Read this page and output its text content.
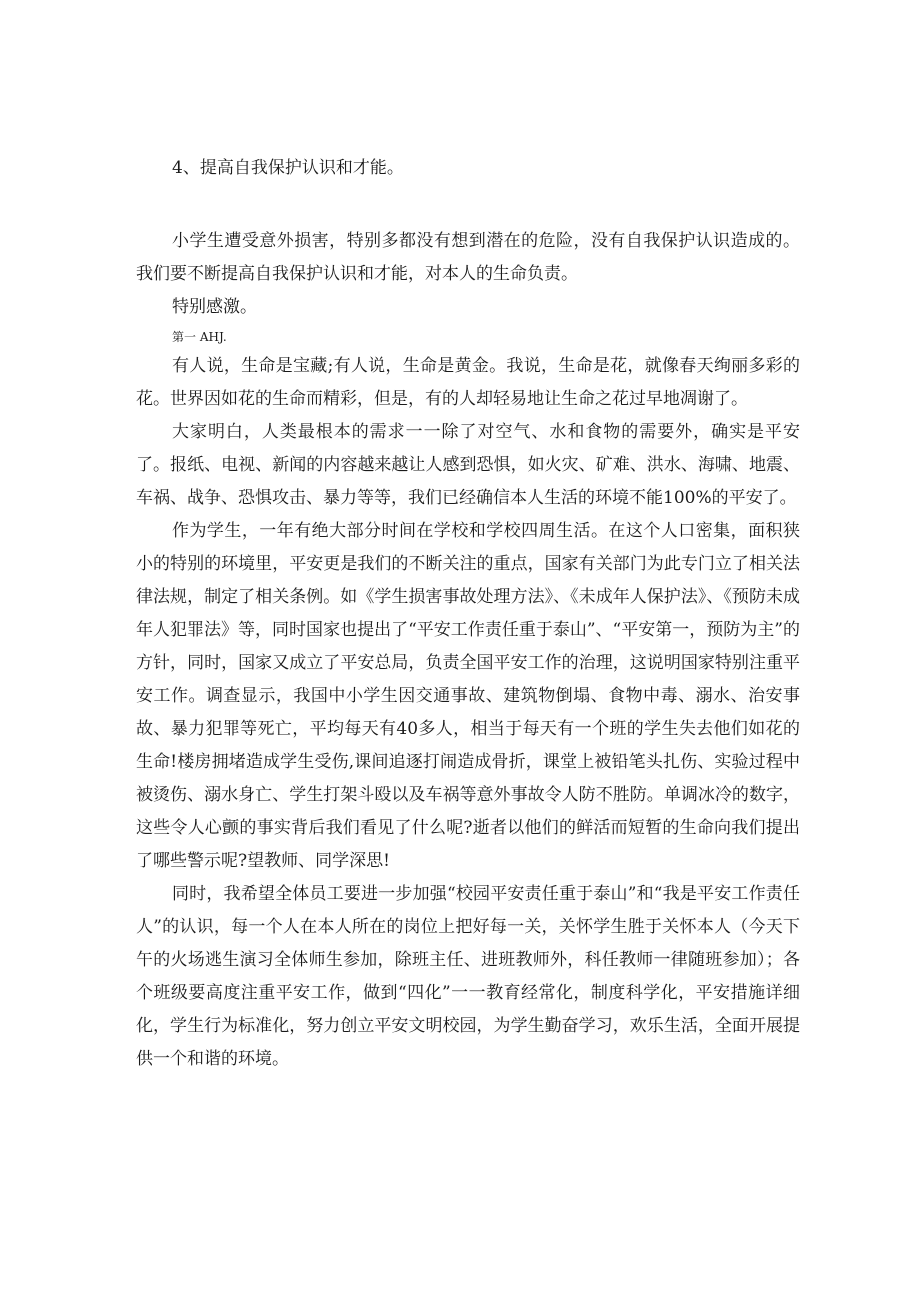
4、提高自我保护认识和才能。

小学生遭受意外损害，特别多都没有想到潜在的危险，没有自我保护认识造成的。我们要不断提高自我保护认识和才能，对本人的生命负责。

特别感激。

第一 AHJ.

有人说，生命是宝藏;有人说，生命是黄金。我说，生命是花，就像春天绚丽多彩的花。世界因如花的生命而精彩，但是，有的人却轻易地让生命之花过早地凋谢了。

大家明白，人类最根本的需求一一除了对空气、水和食物的需要外，确实是平安了。报纸、电视、新闻的内容越来越让人感到恐惧，如火灾、矿难、洪水、海啸、地震、车祸、战争、恐惧攻击、暴力等等，我们已经确信本人生活的环境不能100%的平安了。

作为学生，一年有绝大部分时间在学校和学校四周生活。在这个人口密集，面积狭小的特别的环境里，平安更是我们的不断关注的重点，国家有关部门为此专门立了相关法律法规，制定了相关条例。如《学生损害事故处理方法》、《未成年人保护法》、《预防未成年人犯罪法》等，同时国家也提出了“平安工作责任重于泰山”、“平安第一，预防为主”的方针，同时，国家又成立了平安总局，负责全国平安工作的治理，这说明国家特别注重平安工作。调查显示，我国中小学生因交通事故、建筑物倒塌、食物中毒、溺水、治安事故、暴力犯罪等死亡，平均每天有40多人，相当于每天有一个班的学生失去他们如花的生命!楼房拥堵造成学生受伤,课间追逐打闹造成骨折，课堂上被铅笔头扎伤、实验过程中被烫伤、溺水身亡、学生打架斗殴以及车祸等意外事故令人防不胜防。单调冰冷的数字，这些令人心颤的事实背后我们看见了什么呢?逝者以他们的鲜活而短暂的生命向我们提出了哪些警示呢?望教师、同学深思!

同时，我希望全体员工要进一步加强“校园平安责任重于泰山”和“我是平安工作责任人”的认识，每一个人在本人所在的岗位上把好每一关，关怀学生胜于关怀本人（今天下午的火场逃生演习全体师生参加，除班主任、进班教师外，科任教师一律随班参加）；各个班级要高度注重平安工作，做到“四化”一一教育经常化，制度科学化，平安措施详细化，学生行为标准化，努力创立平安文明校园，为学生勤奋学习，欢乐生活，全面开展提供一个和谐的环境。
